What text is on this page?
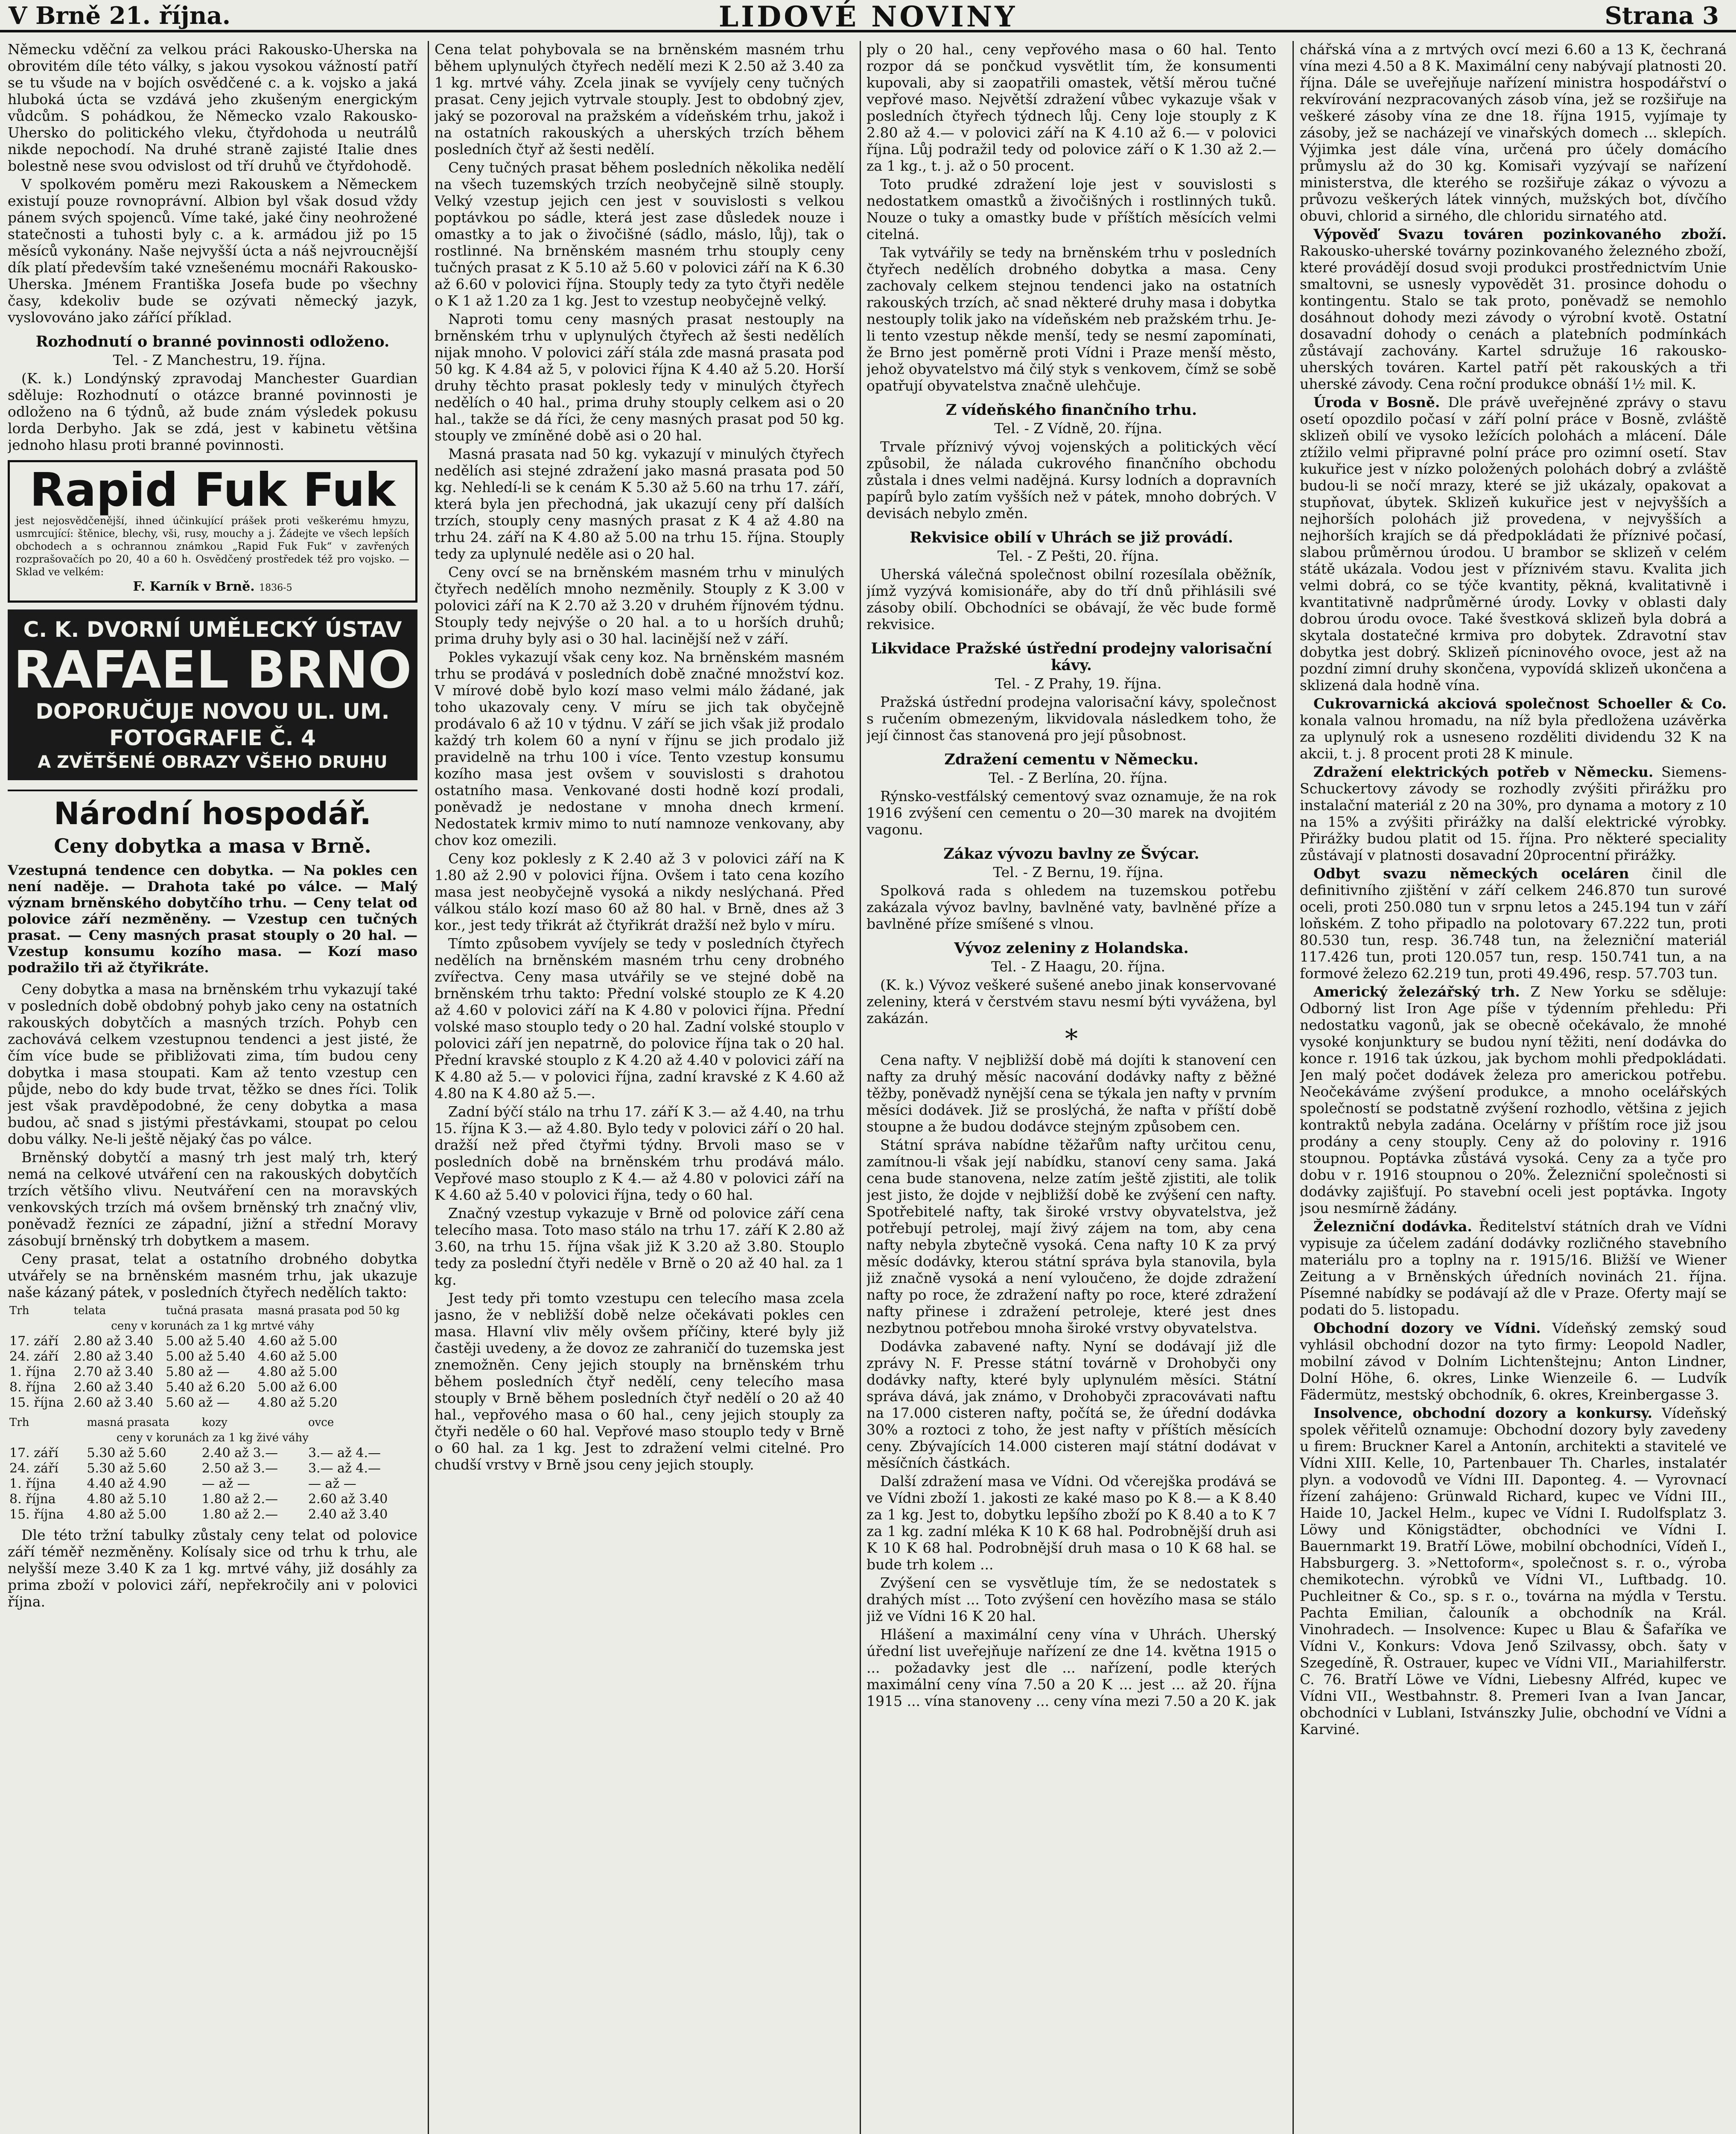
V Brně 21. října.	LIDOVÉ NOVINY	Strana 3

Německu vděční za velkou práci Rakousko-Uherska na obrovitém díle této války, s jakou vysokou vážností patří se tu všude na v bojích osvědčené c. a k. vojsko a jaká hluboká úcta se vzdává jeho zkušeným energickým vůdcům. S pohádkou, že Německo vzalo Rakousko-Uhersko do politického vleku, čtyřdohoda u neutrálů nikde nepochodí. Na druhé straně zajisté Italie dnes bolestně nese svou odvislost od tří druhů ve čtyřdohodě.

V spolkovém poměru mezi Rakouskem a Německem existují pouze rovnoprávní. Albion byl však dosud vždy pánem svých spojenců. Víme také, jaké činy neohrožené statečnosti a tuhosti byly c. a k. armádou již po 15 měsíců vykonány. Naše nejvyšší úcta a náš nejvroucnější dík platí především také vznešenému mocnáři Rakousko-Uherska. Jménem Františka Josefa bude po všechny časy, kdekoliv bude se ozývati německý jazyk, vyslovováno jako zářící příklad.

Rozhodnutí o branné povinnosti odloženo.

Tel. - Z Manchestru, 19. října.

(K. k.) Londýnský zpravodaj Manchester Guardian sděluje: Rozhodnutí o otázce branné povinnosti je odloženo na 6 týdnů, až bude znám výsledek pokusu lorda Derbyho. Jak se zdá, jest v kabinetu většina jednoho hlasu proti branné povinnosti.

Rapid Fuk Fuk
jest nejosvědčenější, ihned účinkující prášek proti veškerému hmyzu, usmrcující: štěnice, blechy, vši, rusy, mouchy a j. Žádejte ve všech lepších obchodech a s ochrannou známkou „Rapid Fuk Fuk“ v zavřených rozprašovačích po 20, 40 a 60 h. Osvědčený prostředek též pro vojsko. — Sklad ve velkém:
F. Karník v Brně. 1836-5
C. K. DVORNÍ UMĚLECKÝ ÚSTAV
RAFAEL BRNO
DOPORUČUJE NOVOU UL. UM. FOTOGRAFIE Č. 4
A ZVĚTŠENÉ OBRAZY VŠEHO DRUHU
Národní hospodář.
Ceny dobytka a masa v Brně.
Vzestupná tendence cen dobytka. — Na pokles cen není naděje. — Drahota také po válce. — Malý význam brněnského dobytčího trhu. — Ceny telat od polovice září nezměněny. — Vzestup cen tučných prasat. — Ceny masných prasat stouply o 20 hal. — Vzestup konsumu kozího masa. — Kozí maso podražilo tři až čtyřikráte.

Ceny dobytka a masa na brněnském trhu vykazují také v posledních době obdobný pohyb jako ceny na ostatních rakouských dobytčích a masných trzích. Pohyb cen zachovává celkem vzestupnou tendenci a jest jisté, že čím více bude se přibližovati zima, tím budou ceny dobytka i masa stoupati. Kam až tento vzestup cen půjde, nebo do kdy bude trvat, těžko se dnes říci. Tolik jest však pravděpodobné, že ceny dobytka a masa budou, ač snad s jistými přestávkami, stoupat po celou dobu války. Ne-li ještě nějaký čas po válce.

Brněnský dobytčí a masný trh jest malý trh, který nemá na celkové utváření cen na rakouských dobytčích trzích většího vlivu. Neutváření cen na moravských venkovských trzích má ovšem brněnský trh značný vliv, poněvadž řezníci ze západní, jižní a střední Moravy zásobují brněnský trh dobytkem a masem.

Ceny prasat, telat a ostatního drobného dobytka utvářely se na brněnském masném trhu, jak ukazuje naše kázaný pátek, v posledních čtyřech nedělích takto:

Trh	telata	tučná prasata	masná prasata pod 50 kg
ceny v korunách za 1 kg mrtvé váhy			
17. září	2.80 až 3.40	5.00 až 5.40	4.60 až 5.00
24. září	2.80 až 3.40	5.00 až 5.40	4.60 až 5.00
1. října	2.70 až 3.40	5.80 až —	4.80 až 5.00
8. října	2.60 až 3.40	5.40 až 6.20	5.00 až 6.00
15. října	2.60 až 3.40	5.60 až —	4.80 až 5.20
Trh	masná prasata	kozy	ovce
ceny v korunách za 1 kg živé váhy			
17. září	5.30 až 5.60	2.40 až 3.—	3.— až 4.—
24. září	5.30 až 5.60	2.50 až 3.—	3.— až 4.—
1. října	4.40 až 4.90	— až —	— až —
8. října	4.80 až 5.10	1.80 až 2.—	2.60 až 3.40
15. října	4.80 až 5.00	1.80 až 2.—	2.40 až 3.40

Dle této tržní tabulky zůstaly ceny telat od polovice září téměř nezměněny. Kolísaly sice od trhu k trhu, ale nelyšší meze 3.40 K za 1 kg. mrtvé váhy, již dosáhly za prima zboží v polovici září, nepřekročily ani v polovici října.

Cena telat pohybovala se na brněnském masném trhu během uplynulých čtyřech nedělí mezi K 2.50 až 3.40 za 1 kg. mrtvé váhy. Zcela jinak se vyvíjely ceny tučných prasat. Ceny jejich vytrvale stouply. Jest to obdobný zjev, jaký se pozoroval na pražském a vídeňském trhu, jakož i na ostatních rakouských a uherských trzích během posledních čtyř až šesti nedělí.

Ceny tučných prasat během posledních několika nedělí na všech tuzemských trzích neobyčejně silně stouply. Velký vzestup jejich cen jest v souvislosti s velkou poptávkou po sádle, která jest zase důsledek nouze i omastky a to jak o živočišné (sádlo, máslo, lůj), tak o rostlinné. Na brněnském masném trhu stouply ceny tučných prasat z K 5.10 až 5.60 v polovici září na K 6.30 až 6.60 v polovici října. Stouply tedy za tyto čtyři neděle o K 1 až 1.20 za 1 kg. Jest to vzestup neobyčejně velký.

Naproti tomu ceny masných prasat nestouply na brněnském trhu v uplynulých čtyřech až šesti nedělích nijak mnoho. V polovici září stála zde masná prasata pod 50 kg. K 4.84 až 5, v polovici října K 4.40 až 5.20. Horší druhy těchto prasat poklesly tedy v minulých čtyřech nedělích o 40 hal., prima druhy stouply celkem asi o 20 hal., takže se dá říci, že ceny masných prasat pod 50 kg. stouply ve zmíněné době asi o 20 hal.

Masná prasata nad 50 kg. vykazují v minulých čtyřech nedělích asi stejné zdražení jako masná prasata pod 50 kg. Nehledí-li se k cenám K 5.30 až 5.60 na trhu 17. září, která byla jen přechodná, jak ukazují ceny pří dalších trzích, stouply ceny masných prasat z K 4 až 4.80 na trhu 24. září na K 4.80 až 5.00 na trhu 15. října. Stouply tedy za uplynulé neděle asi o 20 hal.

Ceny ovcí se na brněnském masném trhu v minulých čtyřech nedělích mnoho nezměnily. Stouply z K 3.00 v polovici září na K 2.70 až 3.20 v druhém říjnovém týdnu. Stouply tedy nejvýše o 20 hal. a to u horších druhů; prima druhy byly asi o 30 hal. lacinější než v září.

Pokles vykazují však ceny koz. Na brněnském masném trhu se prodává v posledních době značné množství koz. V mírové době bylo kozí maso velmi málo žádané, jak toho ukazovaly ceny. V míru se jich tak obyčejně prodávalo 6 až 10 v týdnu. V září se jich však již prodalo každý trh kolem 60 a nyní v říjnu se jich prodalo již pravidelně na trhu 100 i více. Tento vzestup konsumu kozího masa jest ovšem v souvislosti s drahotou ostatního masa. Venkované dosti hodně kozí prodali, poněvadž je nedostane v mnoha dnech krmení. Nedostatek krmiv mimo to nutí namnoze venkovany, aby chov koz omezili.

Ceny koz poklesly z K 2.40 až 3 v polovici září na K 1.80 až 2.90 v polovici října. Ovšem i tato cena kozího masa jest neobyčejně vysoká a nikdy neslýchaná. Před válkou stálo kozí maso 60 až 80 hal. v Brně, dnes až 3 kor., jest tedy třikrát až čtyřikrát dražší než bylo v míru.

Tímto způsobem vyvíjely se tedy v posledních čtyřech nedělích na brněnském masném trhu ceny drobného zvířectva. Ceny masa utvářily se ve stejné době na brněnském trhu takto: Přední volské stouplo ze K 4.20 až 4.60 v polovici září na K 4.80 v polovici října. Přední volské maso stouplo tedy o 20 hal. Zadní volské stouplo v polovici září jen nepatrně, do polovice října tak o 20 hal. Přední kravské stouplo z K 4.20 až 4.40 v polovici září na K 4.80 až 5.— v polovici října, zadní kravské z K 4.60 až 4.80 na K 4.80 až 5.—.

Zadní býčí stálo na trhu 17. září K 3.— až 4.40, na trhu 15. října K 3.— až 4.80. Bylo tedy v polovici září o 20 hal. dražší než před čtyřmi týdny. Brvoli maso se v posledních době na brněnském trhu prodává málo. Vepřové maso stouplo z K 4.— až 4.80 v polovici září na K 4.60 až 5.40 v polovici října, tedy o 60 hal.

Značný vzestup vykazuje v Brně od polovice září cena telecího masa. Toto maso stálo na trhu 17. září K 2.80 až 3.60, na trhu 15. října však již K 3.20 až 3.80. Stouplo tedy za poslední čtyři neděle v Brně o 20 až 40 hal. za 1 kg.

Jest tedy při tomto vzestupu cen telecího masa zcela jasno, že v nebližší době nelze očekávati pokles cen masa. Hlavní vliv měly ovšem příčiny, které byly již častěji uvedeny, a že dovoz ze zahraničí do tuzemska jest znemožněn. Ceny jejich stouply na brněnském trhu během posledních čtyř nedělí, ceny telecího masa stouply v Brně během posledních čtyř nedělí o 20 až 40 hal., vepřového masa o 60 hal., ceny jejich stouply za čtyři neděle o 60 hal. Vepřové maso stouplo tedy v Brně o 60 hal. za 1 kg. Jest to zdražení velmi citelné. Pro chudší vrstvy v Brně jsou ceny jejich stouply.

ply o 20 hal., ceny vepřového masa o 60 hal. Tento rozpor dá se pončkud vysvětlit tím, že konsumenti kupovali, aby si zaopatřili omastek, větší měrou tučné vepřové maso. Největší zdražení vůbec vykazuje však v posledních čtyřech týdnech lůj. Ceny loje stouply z K 2.80 až 4.— v polovici září na K 4.10 až 6.— v polovici října. Lůj podražil tedy od polovice září o K 1.30 až 2.— za 1 kg., t. j. až o 50 procent.

Toto prudké zdražení loje jest v souvislosti s nedostatkem omastků a živočišných i rostlinných tuků. Nouze o tuky a omastky bude v příštích měsících velmi citelná.

Tak vytvářily se tedy na brněnském trhu v posledních čtyřech nedělích drobného dobytka a masa. Ceny zachovaly celkem stejnou tendenci jako na ostatních rakouských trzích, ač snad některé druhy masa i dobytka nestouply tolik jako na vídeňském neb pražském trhu. Je-li tento vzestup někde menší, tedy se nesmí zapomínati, že Brno jest poměrně proti Vídni i Praze menší město, jehož obyvatelstvo má čilý styk s venkovem, čímž se sobě opatřují obyvatelstva značně ulehčuje.

Z vídeňského finančního trhu.

Tel. - Z Vídně, 20. října.

Trvale příznivý vývoj vojenských a politických věcí způsobil, že nálada cukrového finančního obchodu zůstala i dnes velmi nadějná. Kursy lodních a dopravních papírů bylo zatím vyšších než v pátek, mnoho dobrých. V devisách nebylo změn.

Rekvisice obilí v Uhrách se již provádí.

Tel. - Z Pešti, 20. října.

Uherská válečná společnost obilní rozesílala oběžník, jímž vyzývá komisionáře, aby do tří dnů přihlásili své zásoby obilí. Obchodníci se obávají, že věc bude formě rekvisice.

Likvidace Pražské ústřední prodejny valorisační kávy.

Tel. - Z Prahy, 19. října.

Pražská ústřední prodejna valorisační kávy, společnost s ručením obmezeným, likvidovala následkem toho, že její činnost čas stanovená pro její působnost.

Zdražení cementu v Německu.

Tel. - Z Berlína, 20. října.

Rýnsko-vestfálský cementový svaz oznamuje, že na rok 1916 zvýšení cen cementu o 20—30 marek na dvojitém vagonu.

Zákaz vývozu bavlny ze Švýcar.

Tel. - Z Bernu, 19. října.

Spolková rada s ohledem na tuzemskou potřebu zakázala vývoz bavlny, bavlněné vaty, bavlněné příze a bavlněné příze smíšené s vlnou.

Vývoz zeleniny z Holandska.

Tel. - Z Haagu, 20. října.

(K. k.) Vývoz veškeré sušené anebo jinak konservované zeleniny, která v čerstvém stavu nesmí býti vyvážena, byl zakázán.

*

Cena nafty. V nejbližší době má dojíti k stanovení cen nafty za druhý měsíc nacování dodávky nafty z běžné těžby, poněvadž nynější cena se týkala jen nafty v prvním měsíci dodávek. Již se proslýchá, že nafta v příští době stoupne a že budou dodávce stejným způsobem cen.

Státní správa nabídne těžařům nafty určitou cenu, zamítnou-li však její nabídku, stanoví ceny sama. Jaká cena bude stanovena, nelze zatím ještě zjistiti, ale tolik jest jisto, že dojde v nejbližší době ke zvýšení cen nafty. Spotřebitelé nafty, tak široké vrstvy obyvatelstva, jež potřebují petrolej, mají živý zájem na tom, aby cena nafty nebyla zbytečně vysoká. Cena nafty 10 K za prvý měsíc dodávky, kterou státní správa byla stanovila, byla již značně vysoká a není vyloučeno, že dojde zdražení nafty po roce, že zdražení nafty po roce, které zdražení nafty přinese i zdražení petroleje, které jest dnes nezbytnou potřebou mnoha široké vrstvy obyvatelstva.

Dodávka zabavené nafty. Nyní se dodávají již dle zprávy N. F. Presse státní továrně v Drohobyči ony dodávky nafty, které byly uplynulém měsíci. Státní správa dává, jak známo, v Drohobyči zpracovávati naftu na 17.000 cisteren nafty, počítá se, že úřední dodávka 30% a roztoci z toho, že jest nafty v příštích měsících ceny. Zbývajících 14.000 cisteren mají státní dodávat v měsíčních částkách.

Další zdražení masa ve Vídni. Od včerejška prodává se ve Vídni zboží 1. jakosti ze kaké maso po K 8.— a K 8.40 za 1 kg. Jest to, dobytku lepšího zboží po K 8.40 a to K 7 za 1 kg. zadní mléka K 10 K 68 hal. Podrobnější druh asi K 10 K 68 hal. Podrobnější druh masa o 10 K 68 hal. se bude trh kolem ...

Zvýšení cen se vysvětluje tím, že se nedostatek s drahých míst ... Toto zvýšení cen hovězího masa se stálo již ve Vídni 16 K 20 hal.

Hlášení a maximální ceny vína v Uhrách. Uherský úřední list uveřejňuje nařízení ze dne 14. května 1915 o ... požadavky jest dle ... nařízení, podle kterých maximální ceny vína 7.50 a 20 K ... jest ... až 20. října 1915 ... vína stanoveny ... ceny vína mezi 7.50 a 20 K. jak

chářská vína a z mrtvých ovcí mezi 6.60 a 13 K, čechraná vína mezi 4.50 a 8 K. Maximální ceny nabývají platnosti 20. října. Dále se uveřejňuje nařízení ministra hospodářství o rekvírování nezpracovaných zásob vína, jež se rozšiřuje na veškeré zásoby vína ze dne 18. října 1915, vyjímaje ty zásoby, jež se nacházejí ve vinařských domech ... sklepích. Výjimka jest dále vína, určená pro účely domácího průmyslu až do 30 kg. Komisaři vyzývají se nařízení ministerstva, dle kterého se rozšiřuje zákaz o vývozu a průvozu veškerých látek vinných, mužských bot, dívčího obuvi, chlorid a sirného, dle chloridu sirnatého atd.

Výpověď Svazu továren pozinkovaného zboží. Rakousko-uherské továrny pozinkovaného železného zboží, které provádějí dosud svoji produkci prostřednictvím Unie smaltovni, se usnesly vypovědět 31. prosince dohodu o kontingentu. Stalo se tak proto, poněvadž se nemohlo dosáhnout dohody mezi závody o výrobní kvotě. Ostatní dosavadní dohody o cenách a platebních podmínkách zůstávají zachovány. Kartel sdružuje 16 rakousko-uherských továren. Kartel patří pět rakouských a tři uherské závody. Cena roční produkce obnáší 1½ mil. K.

Úroda v Bosně. Dle právě uveřejněné zprávy o stavu osetí opozdilo počasí v září polní práce v Bosně, zvláště sklizeň obilí ve vysoko ležících polohách a mlácení. Dále ztížilo velmi připravné polní práce pro ozimní osetí. Stav kukuřice jest v nízko položených polohách dobrý a zvláště budou-li se nočí mrazy, které se již ukázaly, opakovat a stupňovat, úbytek. Sklizeň kukuřice jest v nejvyšších a nejhorších polohách již provedena, v nejvyšších a nejhorších krajích se dá předpokládati že příznivé počasí, slabou průměrnou úrodou. U brambor se sklizeň v celém státě ukázala. Vodou jest v příznivém stavu. Kvalita jich velmi dobrá, co se týče kvantity, pěkná, kvalitativně i kvantitativně nadprůměrné úrody. Lovky v oblasti daly dobrou úrodu ovoce. Také švestková sklizeň byla dobrá a skytala dostatečné krmiva pro dobytek. Zdravotní stav dobytka jest dobrý. Sklizeň pícninového ovoce, jest až na pozdní zimní druhy skončena, vypovídá sklizeň ukončena a sklizená dala hodně vína.

Cukrovarnická akciová společnost Schoeller & Co. konala valnou hromadu, na níž byla předložena uzávěrka za uplynulý rok a usneseno rozděliti dividendu 32 K na akcii, t. j. 8 procent proti 28 K minule.

Zdražení elektrických potřeb v Německu. Siemens-Schuckertovy závody se rozhodly zvýšiti přirážku pro instalační materiál z 20 na 30%, pro dynama a motory z 10 na 15% a zvýšiti přirážky na další elektrické výrobky. Přirážky budou platit od 15. října. Pro některé speciality zůstávají v platnosti dosavadní 20procentní přirážky.

Odbyt svazu německých oceláren činil dle definitivního zjištění v září celkem 246.870 tun surové oceli, proti 250.080 tun v srpnu letos a 245.194 tun v září loňském. Z toho připadlo na polotovary 67.222 tun, proti 80.530 tun, resp. 36.748 tun, na železniční materiál 117.426 tun, proti 120.057 tun, resp. 150.741 tun, a na formové železo 62.219 tun, proti 49.496, resp. 57.703 tun.

Americký železářský trh. Z New Yorku se sděluje: Odborný list Iron Age píše v týdenním přehledu: Při nedostatku vagonů, jak se obecně očekávalo, že mnohé vysoké konjunktury se budou nyní těžiti, není dodávka do konce r. 1916 tak úzkou, jak bychom mohli předpokládati. Jen malý počet dodávek železa pro americkou potřebu. Neočekáváme zvýšení produkce, a mnoho ocelářských společností se podstatně zvýšení rozhodlo, většina z jejich kontraktů nebyla zadána. Ocelárny v příštím roce již jsou prodány a ceny stouply. Ceny až do poloviny r. 1916 stoupnou. Poptávka zůstává vysoká. Ceny za a tyče pro dobu v r. 1916 stoupnou o 20%. Železniční společnosti si dodávky zajišťují. Po stavební oceli jest poptávka. Ingoty jsou nesmírně žádány.

Železniční dodávka. Ředitelství státních drah ve Vídni vypisuje za účelem zadání dodávky rozličného stavebního materiálu pro a toplny na r. 1915/16. Bližší ve Wiener Zeitung a v Brněnských úředních novinách 21. října. Písemné nabídky se podávají až dle v Praze. Oferty mají se podati do 5. listopadu.

Obchodní dozory ve Vídni. Vídeňský zemský soud vyhlásil obchodní dozor na tyto firmy: Leopold Nadler, mobilní závod v Dolním Lichtenštejnu; Anton Lindner, Dolní Höhe, 6. okres, Linke Wienzeile 6. — Ludvík Fädermütz, mestský obchodník, 6. okres, Kreinbergasse 3.

Insolvence, obchodní dozory a konkursy. Vídeňský spolek věřitelů oznamuje: Obchodní dozory byly zavedeny u firem: Bruckner Karel a Antonín, architekti a stavitelé ve Vídni XIII. Kelle, 10, Partenbauer Th. Charles, instalatér plyn. a vodovodů ve Vídni III. Daponteg. 4. — Vyrovnací řízení zahájeno: Grünwald Richard, kupec ve Vídni III., Haide 10, Jackel Helm., kupec ve Vídni I. Rudolfsplatz 3. Löwy und Königstädter, obchodníci ve Vídni I. Bauernmarkt 19. Bratří Löwe, mobilní obchodníci, Vídeň I., Habsburgerg. 3. »Nettoform«, společnost s. r. o., výroba chemikotechn. výrobků ve Vídni VI., Luftbadg. 10. Puchleitner & Co., sp. s r. o., továrna na mýdla v Terstu. Pachta Emilian, čalouník a obchodník na Král. Vinohradech. — Insolvence: Kupec u Blau & Šafaříka ve Vídni V., Konkurs: Vdova Jenő Szilvassy, obch. šaty v Szegedíně, Ř. Ostrauer, kupec ve Vídni VII., Mariahilferstr. C. 76. Bratří Löwe ve Vídni, Liebesny Alfréd, kupec ve Vídni VII., Westbahnstr. 8. Premeri Ivan a Ivan Jancar, obchodníci v Lublani, Istvánszky Julie, obchodní ve Vídni a Karviné.
